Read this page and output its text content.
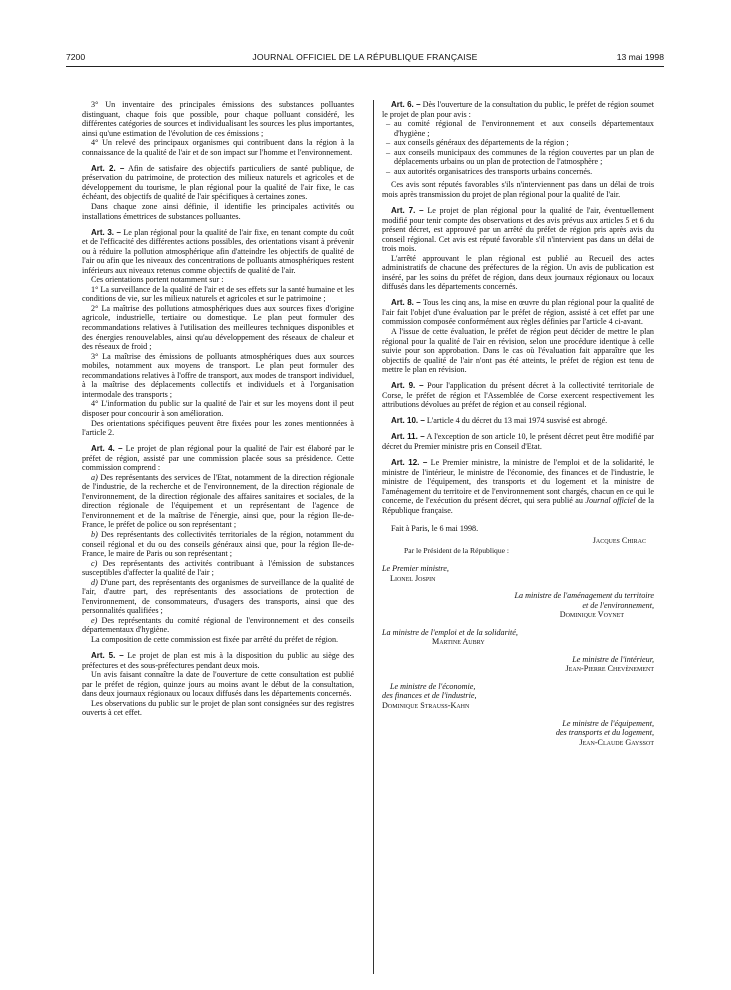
7200	JOURNAL OFFICIEL DE LA RÉPUBLIQUE FRANÇAISE	13 mai 1998

3° Un inventaire des principales émissions des substances polluantes distinguant, chaque fois que possible, pour chaque polluant considéré, les différentes catégories de sources et individualisant les sources les plus importantes, ainsi qu'une estimation de l'évolution de ces émissions ;

4° Un relevé des principaux organismes qui contribuent dans la région à la connaissance de la qualité de l'air et de son impact sur l'homme et l'environnement.

Art. 2. – Afin de satisfaire des objectifs particuliers de santé publique, de préservation du patrimoine, de protection des milieux naturels et agricoles et de développement du tourisme, le plan régional pour la qualité de l'air fixe, le cas échéant, des objectifs de qualité de l'air spécifiques à certaines zones.

Dans chaque zone ainsi définie, il identifie les principales activités ou installations émettrices de substances polluantes.

Art. 3. – Le plan régional pour la qualité de l'air fixe, en tenant compte du coût et de l'efficacité des différentes actions possibles, des orientations visant à prévenir ou à réduire la pollution atmosphérique afin d'atteindre les objectifs de qualité de l'air ou afin que les niveaux des concentrations de polluants atmosphériques restent inférieurs aux niveaux retenus comme objectifs de qualité de l'air.

Ces orientations portent notamment sur :

1° La surveillance de la qualité de l'air et de ses effets sur la santé humaine et les conditions de vie, sur les milieux naturels et agricoles et sur le patrimoine ;

2° La maîtrise des pollutions atmosphériques dues aux sources fixes d'origine agricole, industrielle, tertiaire ou domestique. Le plan peut formuler des recommandations relatives à l'utilisation des meilleures techniques disponibles et des énergies renouvelables, ainsi qu'au développement des réseaux de chaleur et des réseaux de froid ;

3° La maîtrise des émissions de polluants atmosphériques dues aux sources mobiles, notamment aux moyens de transport. Le plan peut formuler des recommandations relatives à l'offre de transport, aux modes de transport individuel, à la maîtrise des déplacements collectifs et individuels et à l'organisation intermodale des transports ;

4° L'information du public sur la qualité de l'air et sur les moyens dont il peut disposer pour concourir à son amélioration.

Des orientations spécifiques peuvent être fixées pour les zones mentionnées à l'article 2.

Art. 4. – Le projet de plan régional pour la qualité de l'air est élaboré par le préfet de région, assisté par une commission placée sous sa présidence. Cette commission comprend :

a) Des représentants des services de l'Etat, notamment de la direction régionale de l'industrie, de la recherche et de l'environnement, de la direction régionale de l'environnement, de la direction régionale des affaires sanitaires et sociales, de la direction régionale de l'équipement et un représentant de l'agence de l'environnement et de la maîtrise de l'énergie, ainsi que, pour la région Ile-de-France, le préfet de police ou son représentant ;

b) Des représentants des collectivités territoriales de la région, notamment du conseil régional et du ou des conseils généraux ainsi que, pour la région Ile-de-France, le maire de Paris ou son représentant ;

c) Des représentants des activités contribuant à l'émission de substances susceptibles d'affecter la qualité de l'air ;

d) D'une part, des représentants des organismes de surveillance de la qualité de l'air, d'autre part, des représentants des associations de protection de l'environnement, de consommateurs, d'usagers des transports, ainsi que des personnalités qualifiées ;

e) Des représentants du comité régional de l'environnement et des conseils départementaux d'hygiène.

La composition de cette commission est fixée par arrêté du préfet de région.

Art. 5. – Le projet de plan est mis à la disposition du public au siège des préfectures et des sous-préfectures pendant deux mois.

Un avis faisant connaître la date de l'ouverture de cette consultation est publié par le préfet de région, quinze jours au moins avant le début de la consultation, dans deux journaux régionaux ou locaux diffusés dans les départements concernés.

Les observations du public sur le projet de plan sont consignées sur des registres ouverts à cet effet.

Art. 6. – Dès l'ouverture de la consultation du public, le préfet de région soumet le projet de plan pour avis :

– au comité régional de l'environnement et aux conseils départementaux d'hygiène ;
– aux conseils généraux des départements de la région ;
– aux conseils municipaux des communes de la région couvertes par un plan de déplacements urbains ou un plan de protection de l'atmosphère ;
– aux autorités organisatrices des transports urbains concernés.

Ces avis sont réputés favorables s'ils n'interviennent pas dans un délai de trois mois après transmission du projet de plan régional pour la qualité de l'air.

Art. 7. – Le projet de plan régional pour la qualité de l'air, éventuellement modifié pour tenir compte des observations et des avis prévus aux articles 5 et 6 du présent décret, est approuvé par un arrêté du préfet de région pris après avis du conseil régional. Cet avis est réputé favorable s'il n'intervient pas dans un délai de trois mois.

L'arrêté approuvant le plan régional est publié au Recueil des actes administratifs de chacune des préfectures de la région. Un avis de publication est inséré, par les soins du préfet de région, dans deux journaux régionaux ou locaux diffusés dans les départements concernés.

Art. 8. – Tous les cinq ans, la mise en œuvre du plan régional pour la qualité de l'air fait l'objet d'une évaluation par le préfet de région, assisté à cet effet par une commission composée conformément aux règles définies par l'article 4 ci-avant.

A l'issue de cette évaluation, le préfet de région peut décider de mettre le plan régional pour la qualité de l'air en révision, selon une procédure identique à celle suivie pour son approbation. Dans le cas où l'évaluation fait apparaître que les objectifs de qualité de l'air n'ont pas été atteints, le préfet de région est tenu de mettre le plan en révision.

Art. 9. – Pour l'application du présent décret à la collectivité territoriale de Corse, le préfet de région et l'Assemblée de Corse exercent respectivement les attributions dévolues au préfet de région et au conseil régional.

Art. 10. – L'article 4 du décret du 13 mai 1974 susvisé est abrogé.

Art. 11. – A l'exception de son article 10, le présent décret peut être modifié par décret du Premier ministre pris en Conseil d'Etat.

Art. 12. – Le Premier ministre, la ministre de l'emploi et de la solidarité, le ministre de l'intérieur, le ministre de l'économie, des finances et de l'industrie, le ministre de l'équipement, des transports et du logement et la ministre de l'aménagement du territoire et de l'environnement sont chargés, chacun en ce qui le concerne, de l'exécution du présent décret, qui sera publié au Journal officiel de la République française.

Fait à Paris, le 6 mai 1998.

Jacques Chirac
Par le Président de la République :
Le Premier ministre,
Lionel Jospin
La ministre de l'aménagement du territoire
et de l'environnement,
Dominique Voynet
La ministre de l'emploi et de la solidarité,
Martine Aubry
Le ministre de l'intérieur,
Jean-Pierre Chevènement
Le ministre de l'économie,
des finances et de l'industrie,
Dominique Strauss-Kahn
Le ministre de l'équipement,
des transports et du logement,
Jean-Claude Gayssot
